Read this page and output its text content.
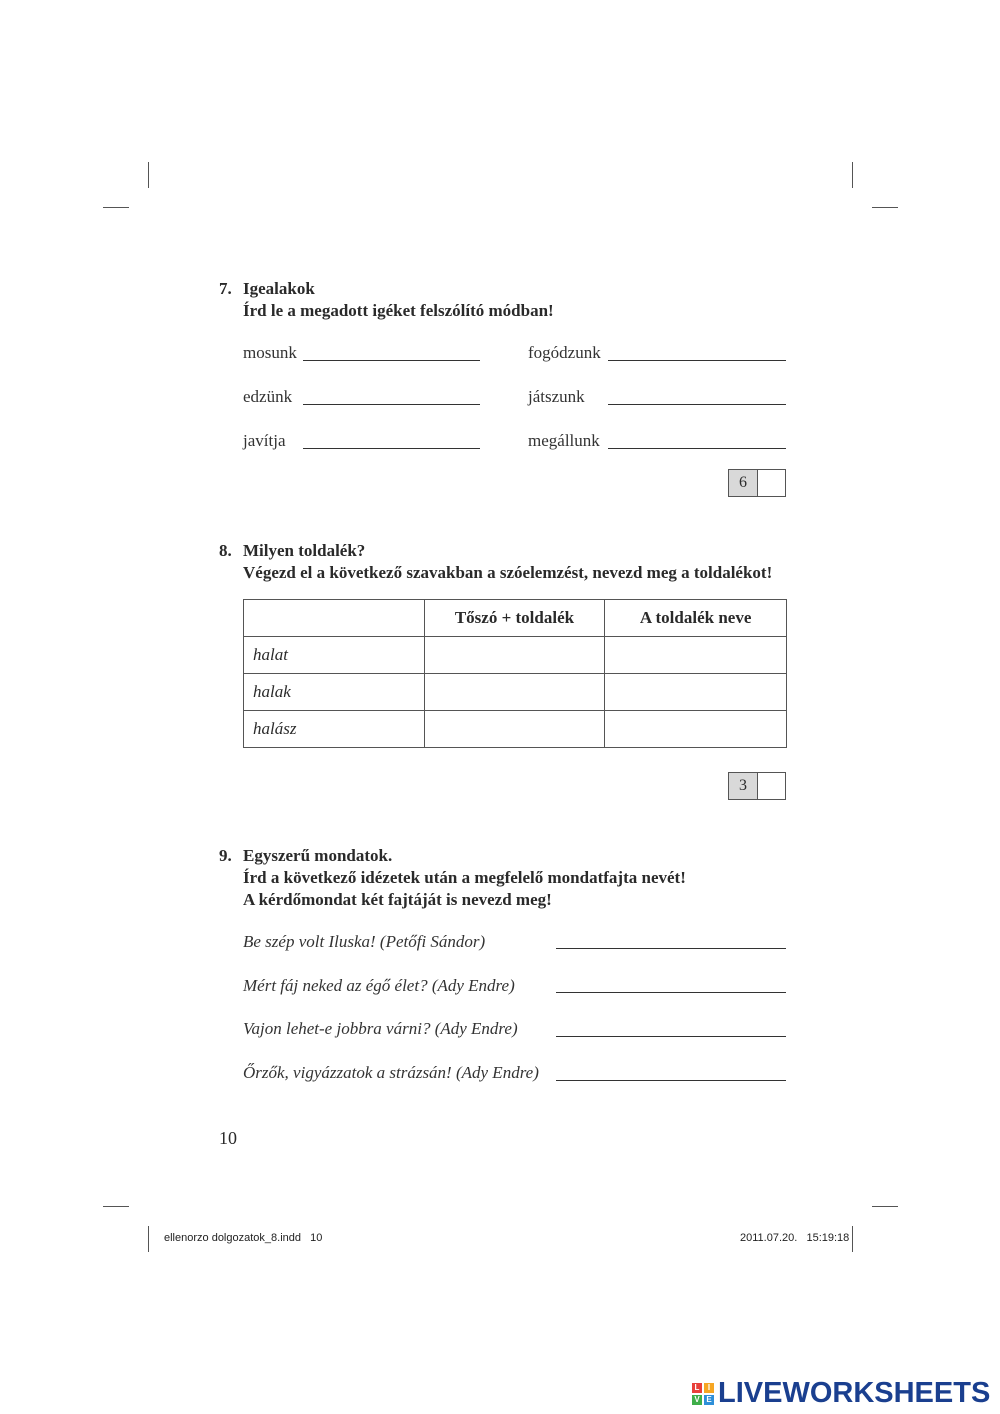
7. Igealakok
Írd le a megadott igéket felszólító módban!
mosunk	fogódzunk
edzünk	játszunk
javítja	megállunk
6
8. Milyen toldalék?
Végezd el a következő szavakban a szóelemzést, nevezd meg a toldalékot!
	Tőszó + toldalék	A toldalék neve
halat		
halak		
halász		
3
9. Egyszerű mondatok.
Írd a következő idézetek után a megfelelő mondatfajta nevét!
A kérdőmondat két fajtáját is nevezd meg!
Be szép volt Iluska! (Petőfi Sándor)
Mért fáj neked az égő élet? (Ady Endre)
Vajon lehet-e jobbra várni? (Ady Endre)
Őrzők, vigyázzatok a strázsán! (Ady Endre)
10
ellenorzo dolgozatok_8.indd   10	2011.07.20.   15:19:18
L	I
V E LIVEWORKSHEETS
